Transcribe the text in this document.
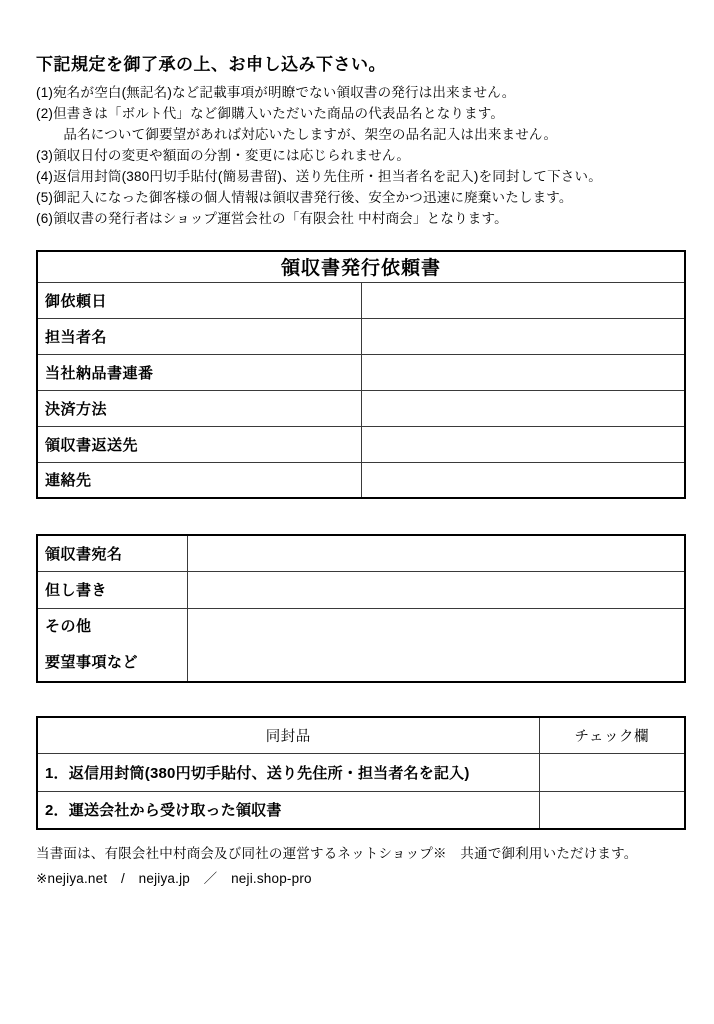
下記規定を御了承の上、お申し込み下さい。

(1)宛名が空白(無記名)など記載事項が明瞭でない領収書の発行は出来ません。

(2)但書きは「ボルト代」など御購入いただいた商品の代表品名となります。

　　品名について御要望があれば対応いたしますが、架空の品名記入は出来ません。

(3)領収日付の変更や額面の分割・変更には応じられません。

(4)返信用封筒(380円切手貼付(簡易書留)、送り先住所・担当者名を記入)を同封して下さい。

(5)御記入になった御客様の個人情報は領収書発行後、安全かつ迅速に廃棄いたします。

(6)領収書の発行者はショップ運営会社の「有限会社 中村商会」となります。

領収書発行依頼書	
御依頼日	
担当者名	
当社納品書連番	
決済方法	
領収書返送先	
連絡先	
領収書宛名	
但し書き	

その他
要望事項など	

同封品	チェック欄
1．返信用封筒(380円切手貼付、送り先住所・担当者名を記入)	
2．運送会社から受け取った領収書	

当書面は、有限会社中村商会及び同社の運営するネットショップ※　共通で御利用いただけます。

※nejiya.net　/　nejiya.jp　／　neji.shop-pro
